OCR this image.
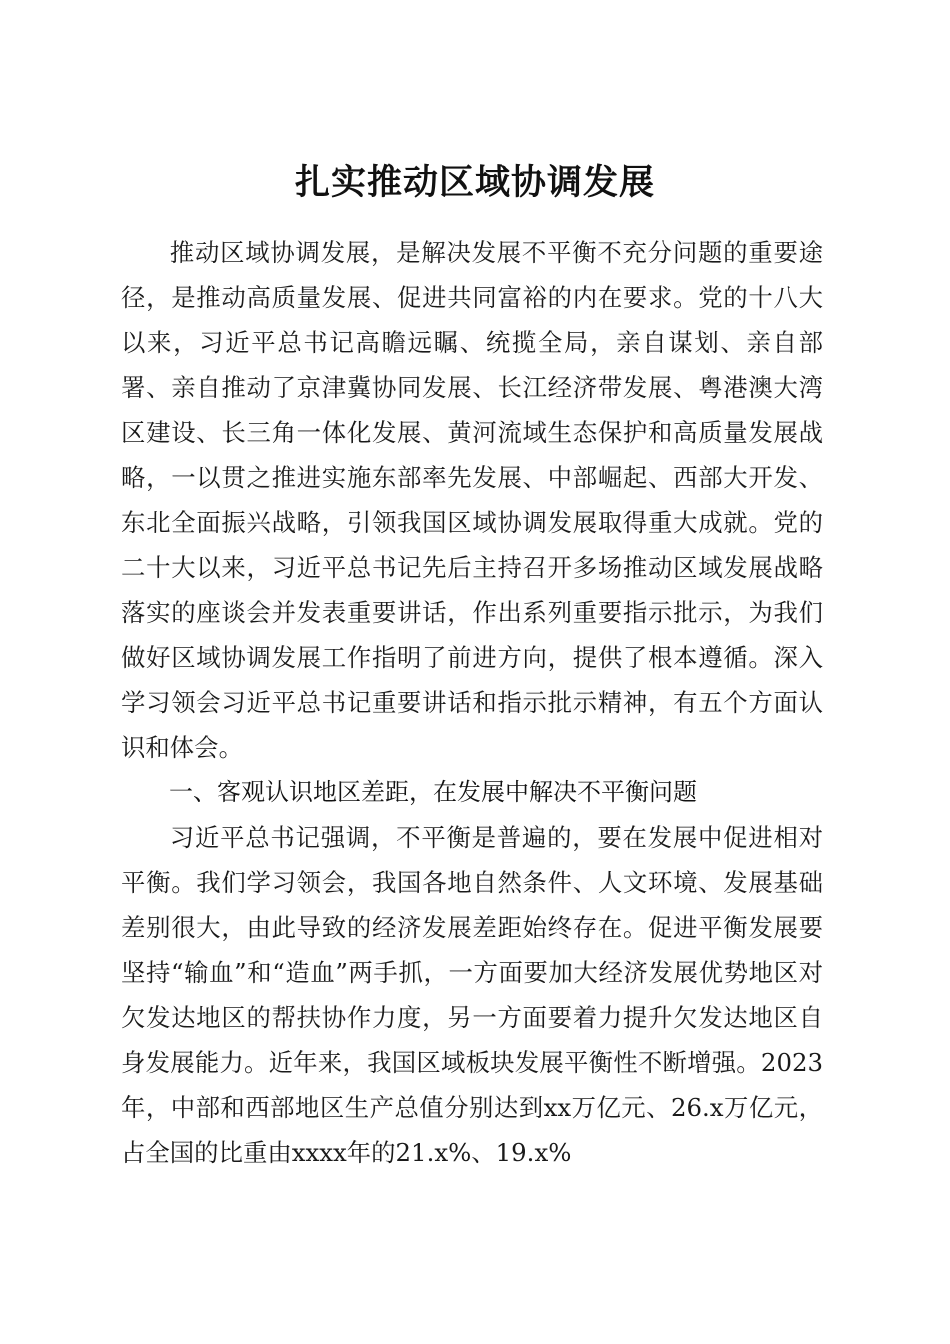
扎实推动区域协调发展

推动区域协调发展，是解决发展不平衡不充分问题的重要途径，是推动高质量发展、促进共同富裕的内在要求。党的十八大以来，习近平总书记高瞻远瞩、统揽全局，亲自谋划、亲自部署、亲自推动了京津冀协同发展、长江经济带发展、粤港澳大湾区建设、长三角一体化发展、黄河流域生态保护和高质量发展战略，一以贯之推进实施东部率先发展、中部崛起、西部大开发、东北全面振兴战略，引领我国区域协调发展取得重大成就。党的二十大以来，习近平总书记先后主持召开多场推动区域发展战略落实的座谈会并发表重要讲话，作出系列重要指示批示，为我们做好区域协调发展工作指明了前进方向，提供了根本遵循。深入学习领会习近平总书记重要讲话和指示批示精神，有五个方面认识和体会。

一、客观认识地区差距，在发展中解决不平衡问题

习近平总书记强调，不平衡是普遍的，要在发展中促进相对平衡。我们学习领会，我国各地自然条件、人文环境、发展基础差别很大，由此导致的经济发展差距始终存在。促进平衡发展要坚持“输血”和“造血”两手抓，一方面要加大经济发展优势地区对欠发达地区的帮扶协作力度，另一方面要着力提升欠发达地区自身发展能力。近年来，我国区域板块发展平衡性不断增强。2023年，中部和西部地区生产总值分别达到xx万亿元、26.x万亿元，占全国的比重由xxxx年的21.x%、19.x%
